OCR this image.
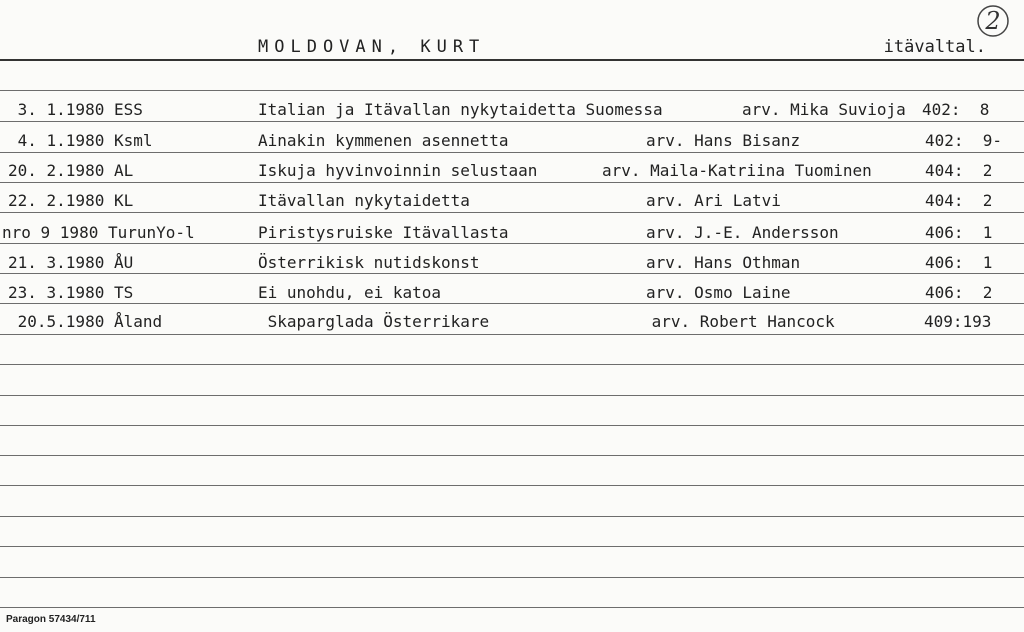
2
MOLDOVAN, KURT	itävaltal.
3. 1.1980 ESS	Italian ja Itävallan nykytaidetta Suomessa	arv. Mika Suvioja 402:  8
4. 1.1980 Ksml	Ainakin kymmenen asennetta	arv. Hans Bisanz	402:  9-
20. 2.1980 AL	Iskuja hyvinvoinnin selustaan	arv. Maila-Katriina Tuominen	404:  2
22. 2.1980 KL	Itävallan nykytaidetta	arv. Ari Latvi	404:  2
nro 9 1980 TurunYo-l	Piristysruiske Itävallasta	arv. J.-E. Andersson	406:  1
21. 3.1980 ÅU	Österrikisk nutidskonst	arv. Hans Othman	406:  1
23. 3.1980 TS	Ei unohdu, ei katoa	arv. Osmo Laine	406:  2
20.5.1980 Åland	Skaparglada Österrikare	arv. Robert Hancock	409:193
Paragon 57434/711
